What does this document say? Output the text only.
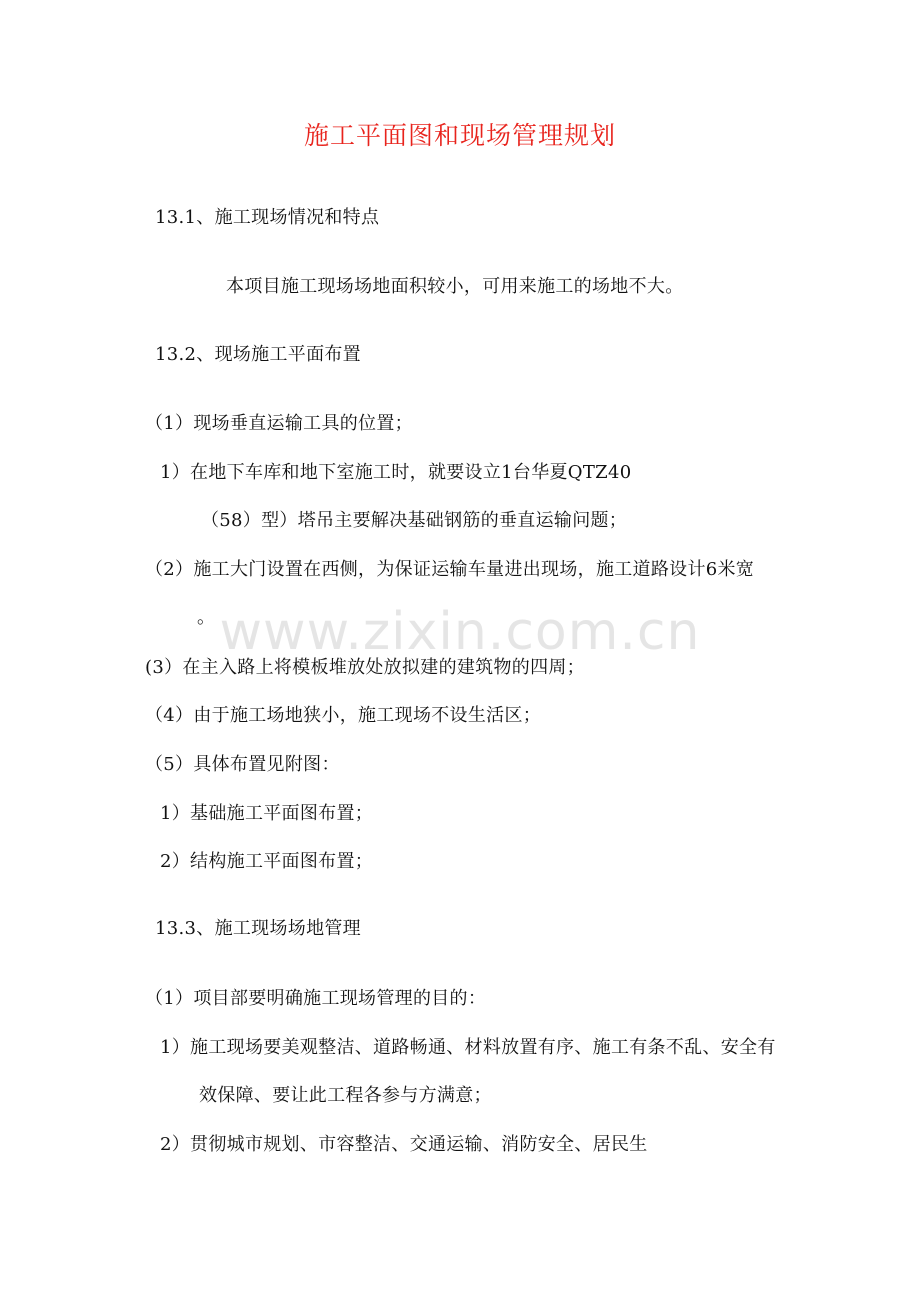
施工平面图和现场管理规划
13.1、施工现场情况和特点
本项目施工现场场地面积较小，可用来施工的场地不大。
13.2、现场施工平面布置
（1）现场垂直运输工具的位置；
1）在地下车库和地下室施工时，就要设立1台华夏QTZ40
（58）型）塔吊主要解决基础钢筋的垂直运输问题；
（2）施工大门设置在西侧，为保证运输车量进出现场，施工道路设计6米宽
。
(3）在主入路上将模板堆放处放拟建的建筑物的四周；
（4）由于施工场地狭小，施工现场不设生活区；
（5）具体布置见附图：
1）基础施工平面图布置；
2）结构施工平面图布置；
13.3、施工现场场地管理
（1）项目部要明确施工现场管理的目的：
1）施工现场要美观整洁、道路畅通、材料放置有序、施工有条不乱、安全有
效保障、要让此工程各参与方满意；
2）贯彻城市规划、市容整洁、交通运输、消防安全、居民生
www.zixin.com.cn
